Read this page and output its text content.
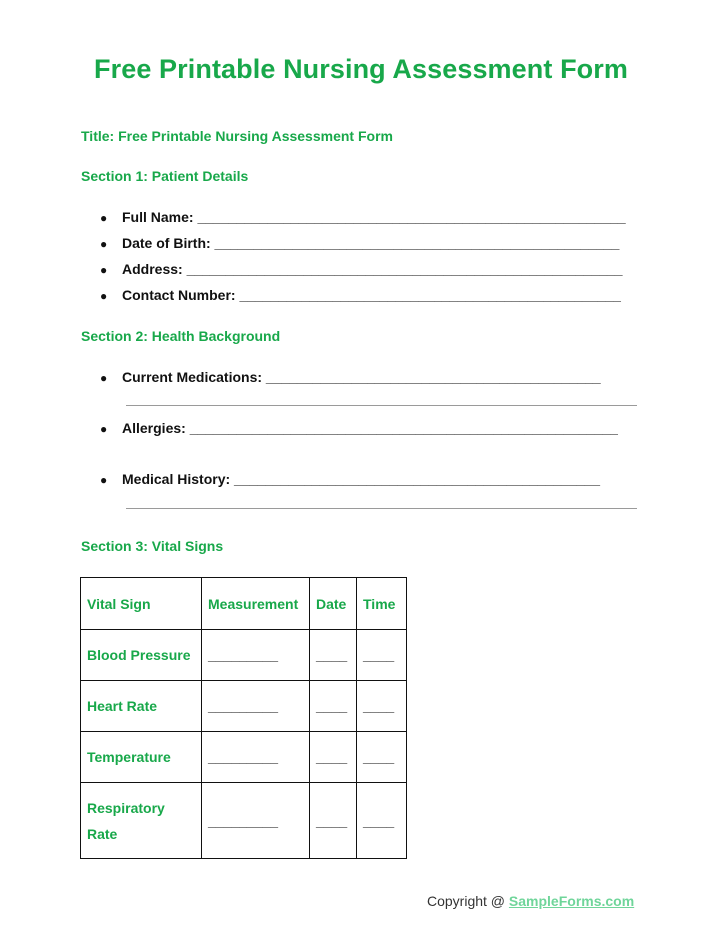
Free Printable Nursing Assessment Form
Title: Free Printable Nursing Assessment Form
Section 1: Patient Details
● Full Name: _______________________________________________________
● Date of Birth: ____________________________________________________
● Address: ________________________________________________________
● Contact Number: _________________________________________________
Section 2: Health Background
● Current Medications: ___________________________________________
● Allergies: _______________________________________________________
● Medical History: _______________________________________________
Section 3: Vital Signs
Vital Sign	Measurement	Date	Time
Blood Pressure	_________	____	____
Heart Rate	_________	____	____
Temperature	_________	____	____
Respiratory Rate	_________	____	____
Copyright @ SampleForms.com
